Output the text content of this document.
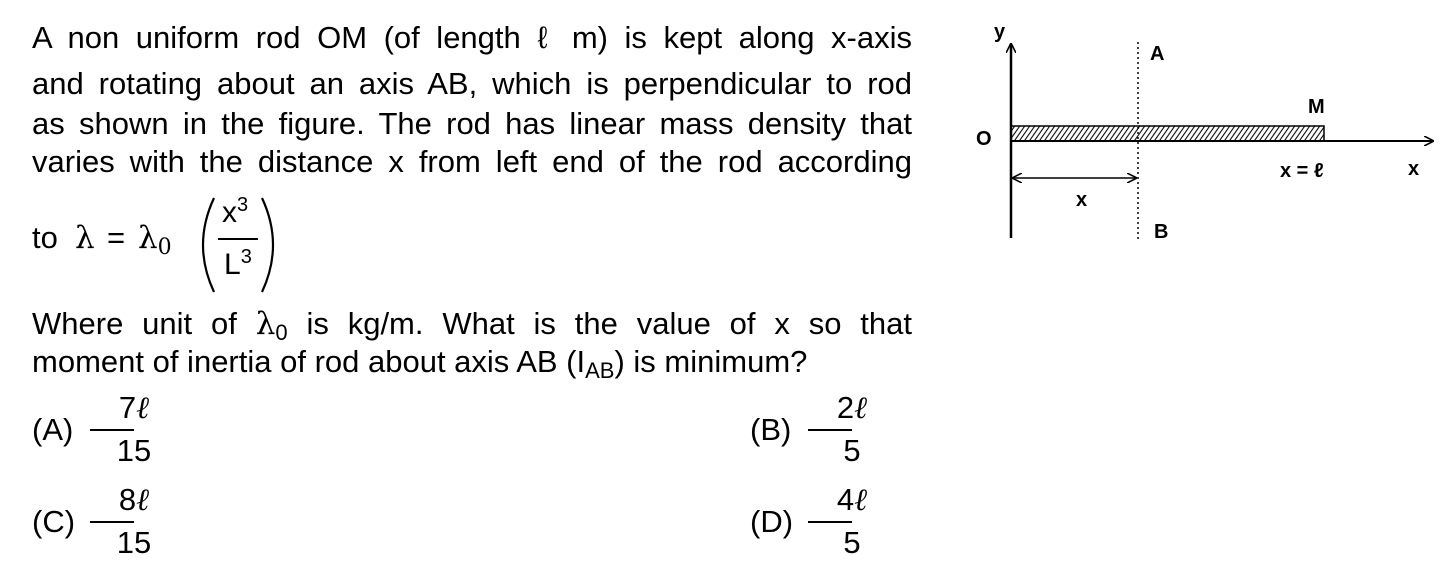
A non uniform rod OM (of length ℓ m) is kept along x-axis
and rotating about an axis AB, which is perpendicular to rod
as shown in the figure. The rod has linear mass density that
varies with the distance x from left end of the rod according
to λ = λ0
$x^3$
$L^3$
Where unit of λ0 is kg/m. What is the value of x so that
moment of inertia of rod about axis AB (IAB) is minimum?
(A)
7ℓ
15
(B)
2ℓ
5
(C)
8ℓ
15
(D)
4ℓ
5
y
O
A
B
M
x
x
x = ℓ
